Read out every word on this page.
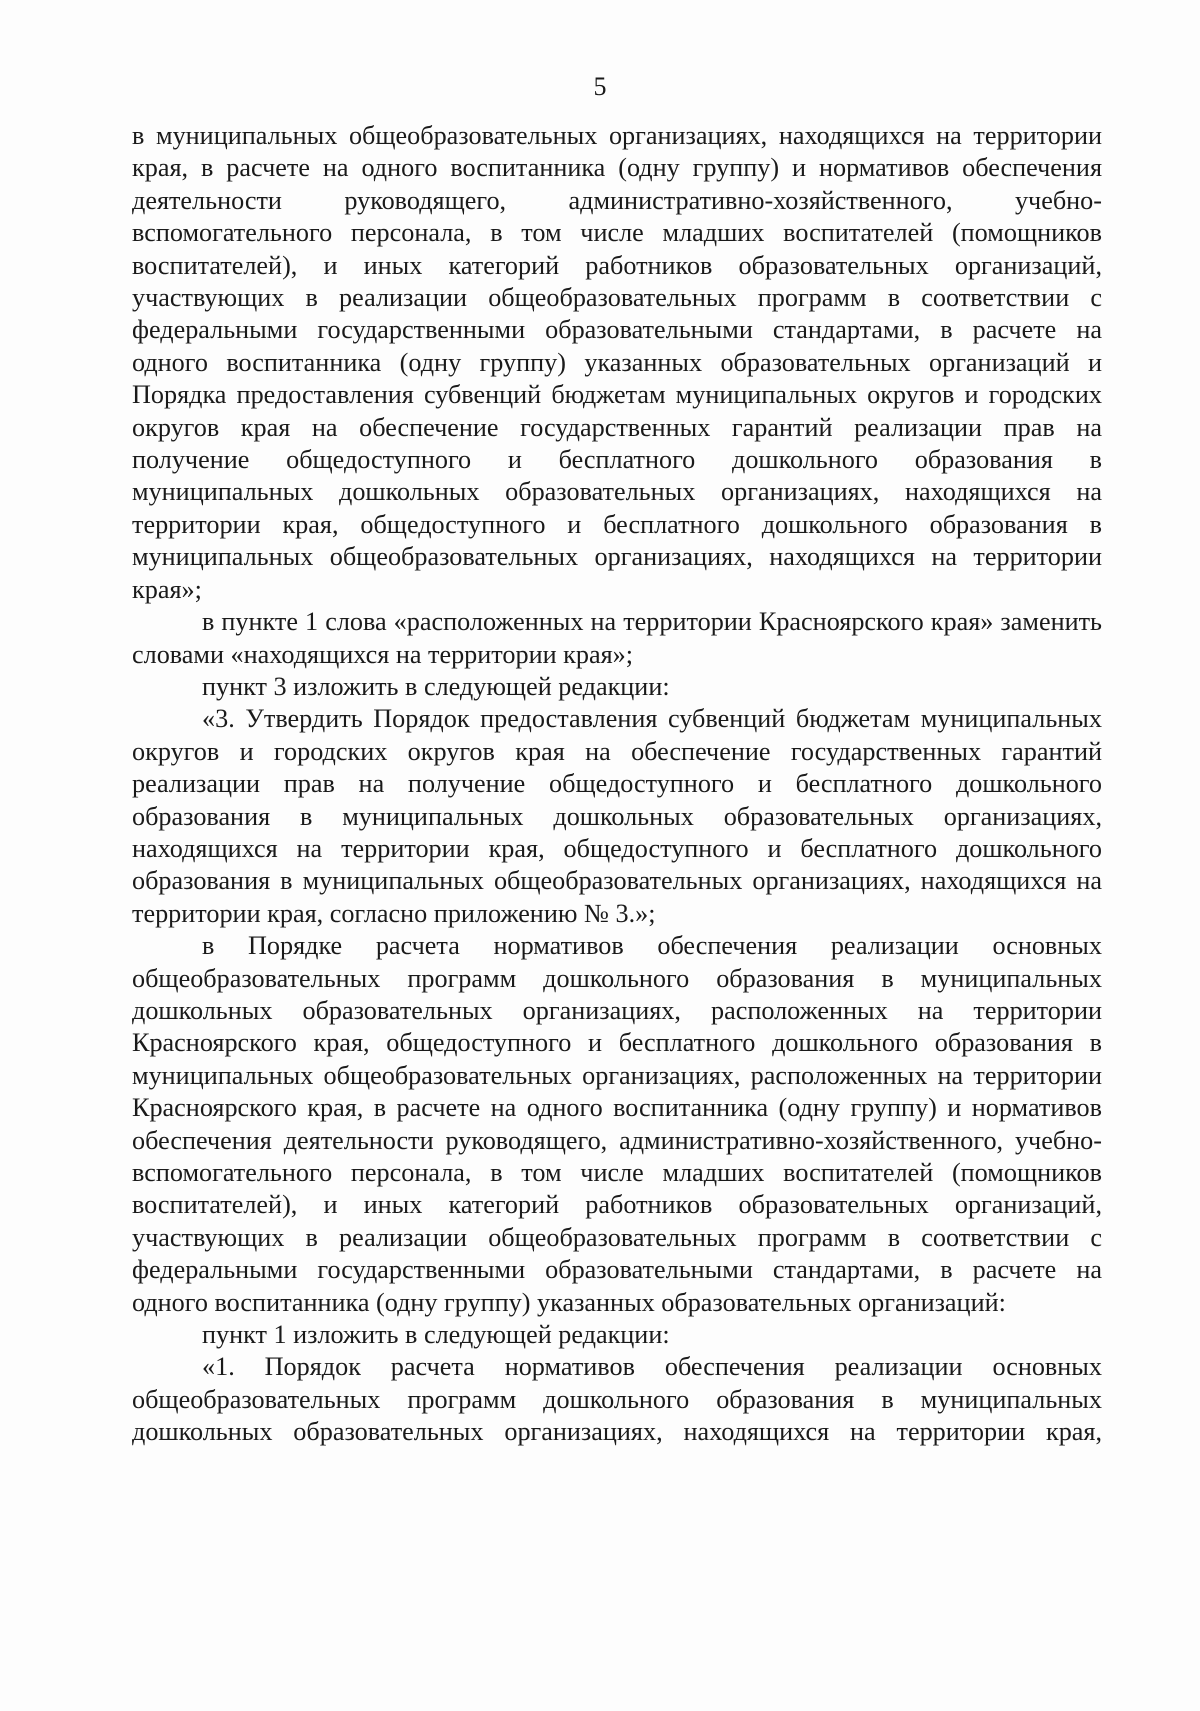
5

в муниципальных общеобразовательных организациях, находящихся на территории края, в расчете на одного воспитанника (одну группу) и нормативов обеспечения деятельности руководящего, административно-хозяйственного, учебно-вспомогательного персонала, в том числе младших воспитателей (помощников воспитателей), и иных категорий работников образовательных организаций, участвующих в реализации общеобразовательных программ в соответствии с федеральными государственными образовательными стандартами, в расчете на одного воспитанника (одну группу) указанных образовательных организаций и Порядка предоставления субвенций бюджетам муниципальных округов и городских округов края на обеспечение государственных гарантий реализации прав на получение общедоступного и бесплатного дошкольного образования в муниципальных дошкольных образовательных организациях, находящихся на территории края, общедоступного и бесплатного дошкольного образования в муниципальных общеобразовательных организациях, находящихся на территории края»;

в пункте 1 слова «расположенных на территории Красноярского края» заменить словами «находящихся на территории края»;

пункт 3 изложить в следующей редакции:

«3. Утвердить Порядок предоставления субвенций бюджетам муниципальных округов и городских округов края на обеспечение государственных гарантий реализации прав на получение общедоступного и бесплатного дошкольного образования в муниципальных дошкольных образовательных организациях, находящихся на территории края, общедоступного и бесплатного дошкольного образования в муниципальных общеобразовательных организациях, находящихся на территории края, согласно приложению № 3.»;

в Порядке расчета нормативов обеспечения реализации основных общеобразовательных программ дошкольного образования в муниципальных дошкольных образовательных организациях, расположенных на территории Красноярского края, общедоступного и бесплатного дошкольного образования в муниципальных общеобразовательных организациях, расположенных на территории Красноярского края, в расчете на одного воспитанника (одну группу) и нормативов обеспечения деятельности руководящего, административно-хозяйственного, учебно-вспомогательного персонала, в том числе младших воспитателей (помощников воспитателей), и иных категорий работников образовательных организаций, участвующих в реализации общеобразовательных программ в соответствии с федеральными государственными образовательными стандартами, в расчете на одного воспитанника (одну группу) указанных образовательных организаций:

пункт 1 изложить в следующей редакции:

«1. Порядок расчета нормативов обеспечения реализации основных

общеобразовательных программ дошкольного образования в муниципальных

дошкольных образовательных организациях, находящихся на территории края,
